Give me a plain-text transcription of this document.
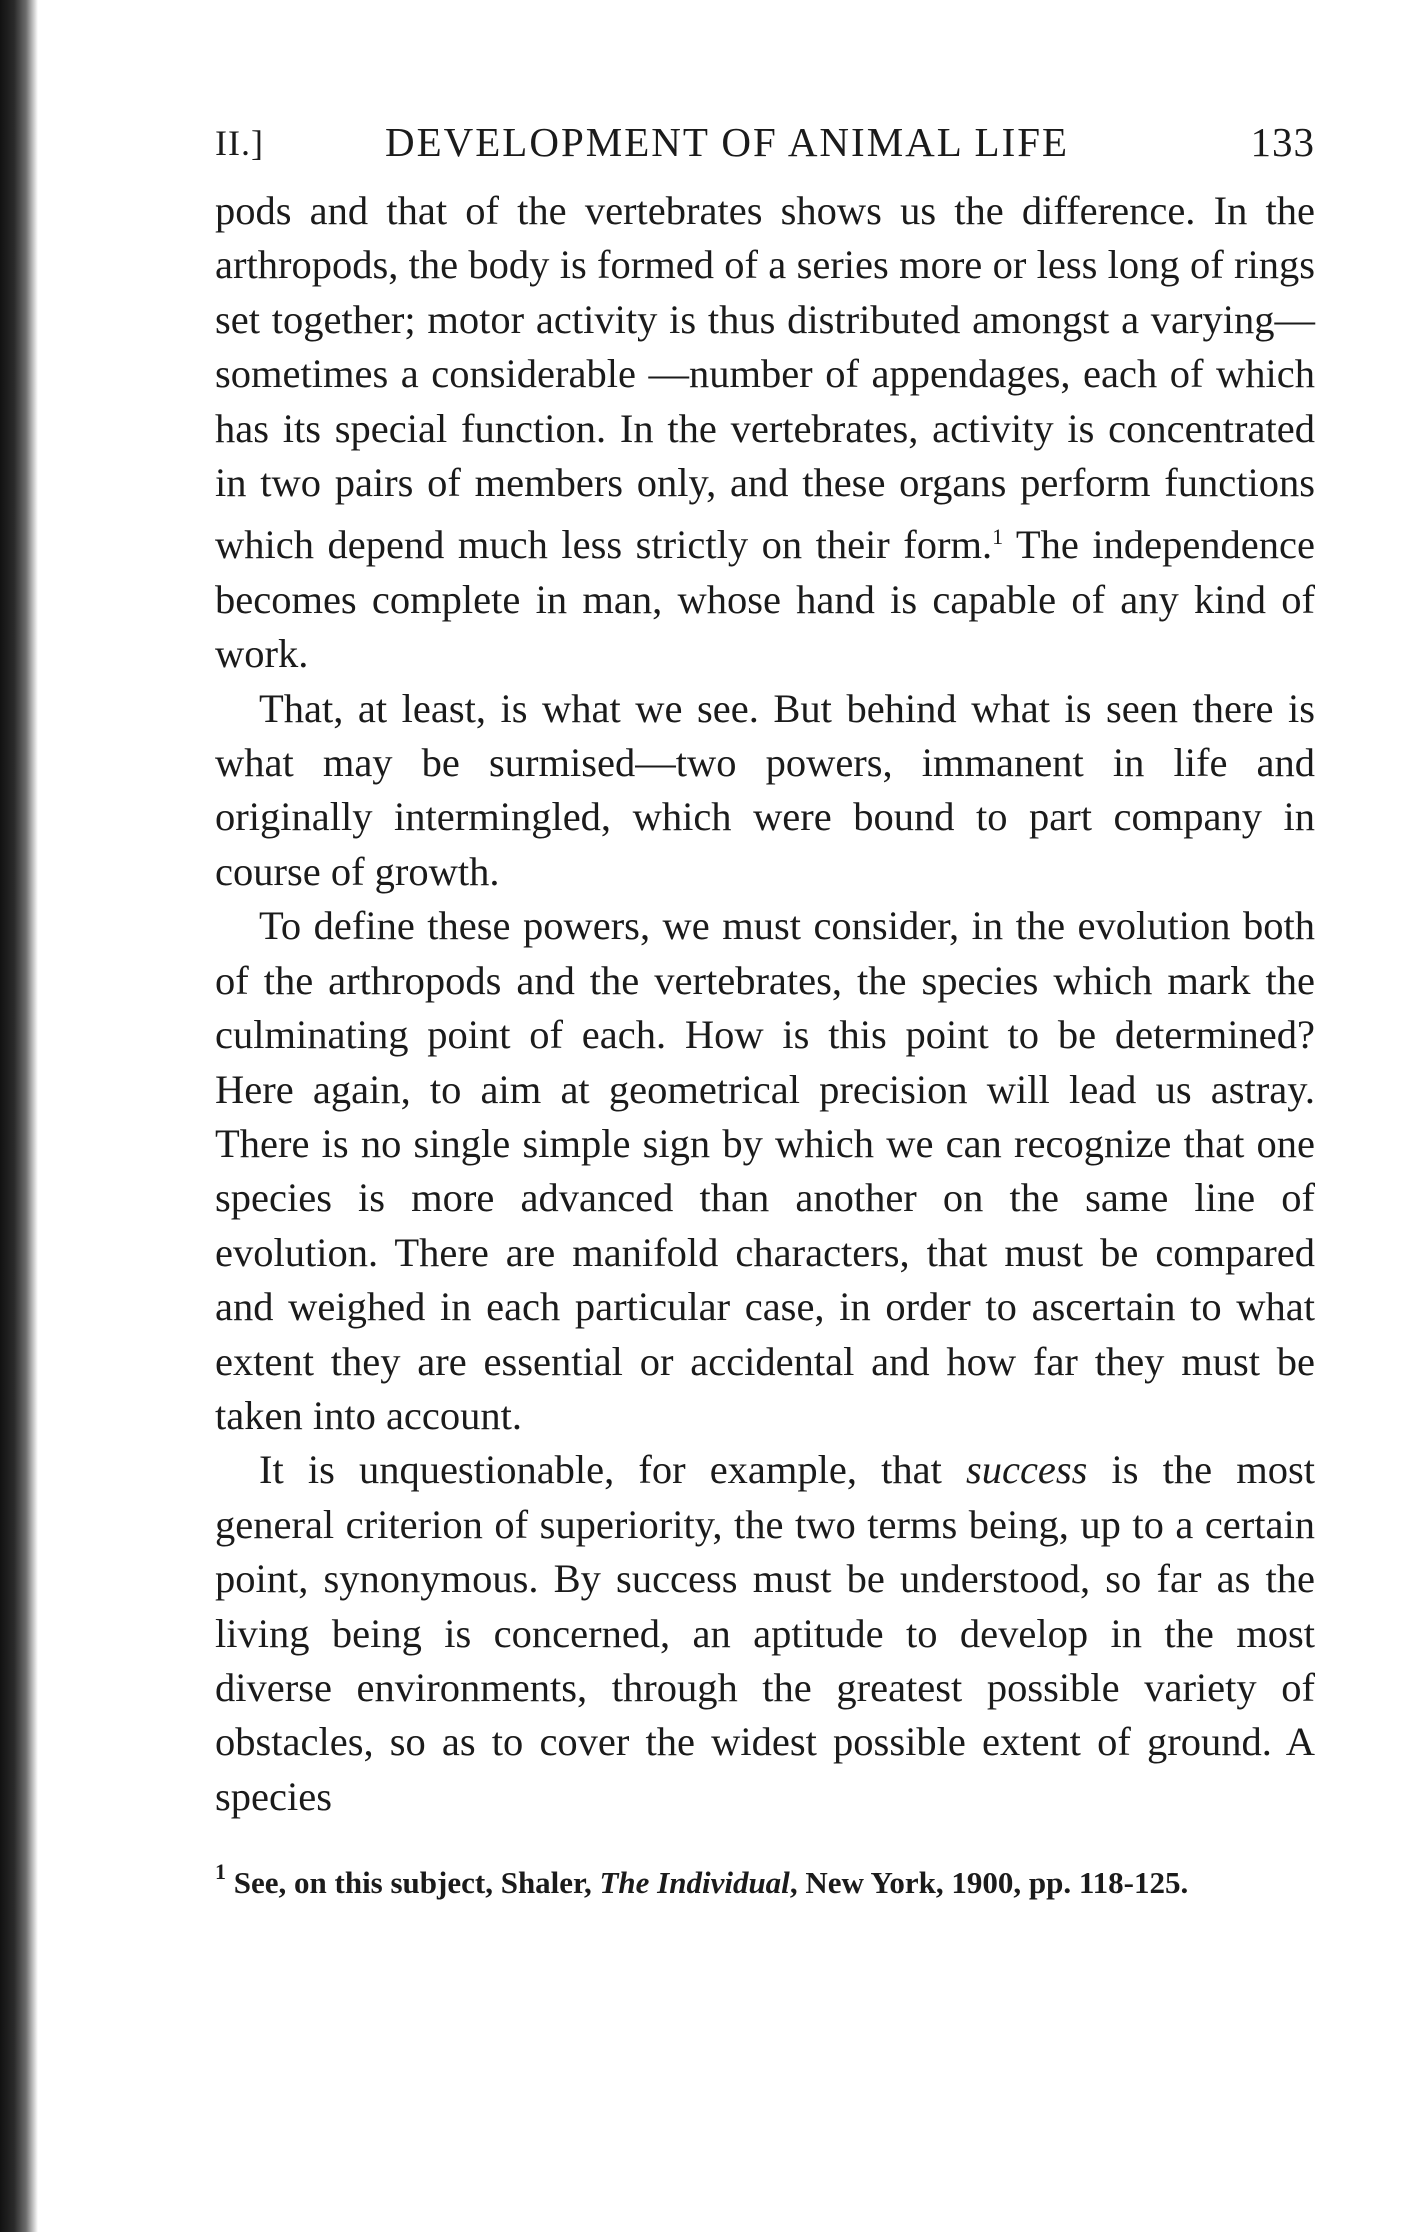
II.]	DEVELOPMENT OF ANIMAL LIFE	133

pods and that of the vertebrates shows us the difference. In the arthropods, the body is formed of a series more or less long of rings set together; motor activity is thus distributed amongst a varying—sometimes a considerable —number of appendages, each of which has its special function. In the vertebrates, activity is concentrated in two pairs of members only, and these organs perform functions which depend much less strictly on their form.$^1$ The independence becomes complete in man, whose hand is capable of any kind of work.

That, at least, is what we see. But behind what is seen there is what may be surmised—two powers, immanent in life and originally intermingled, which were bound to part company in course of growth.

To define these powers, we must consider, in the evolution both of the arthropods and the vertebrates, the species which mark the culminating point of each. How is this point to be determined? Here again, to aim at geometrical precision will lead us astray. There is no single simple sign by which we can recognize that one species is more advanced than another on the same line of evolution. There are manifold characters, that must be compared and weighed in each particular case, in order to ascertain to what extent they are essential or accidental and how far they must be taken into account.

It is unquestionable, for example, that success is the most general criterion of superiority, the two terms being, up to a certain point, synonymous. By success must be understood, so far as the living being is concerned, an aptitude to develop in the most diverse environments, through the greatest possible variety of obstacles, so as to cover the widest possible extent of ground. A species

$^1$ See, on this subject, Shaler, The Individual, New York, 1900, pp. 118-125.
